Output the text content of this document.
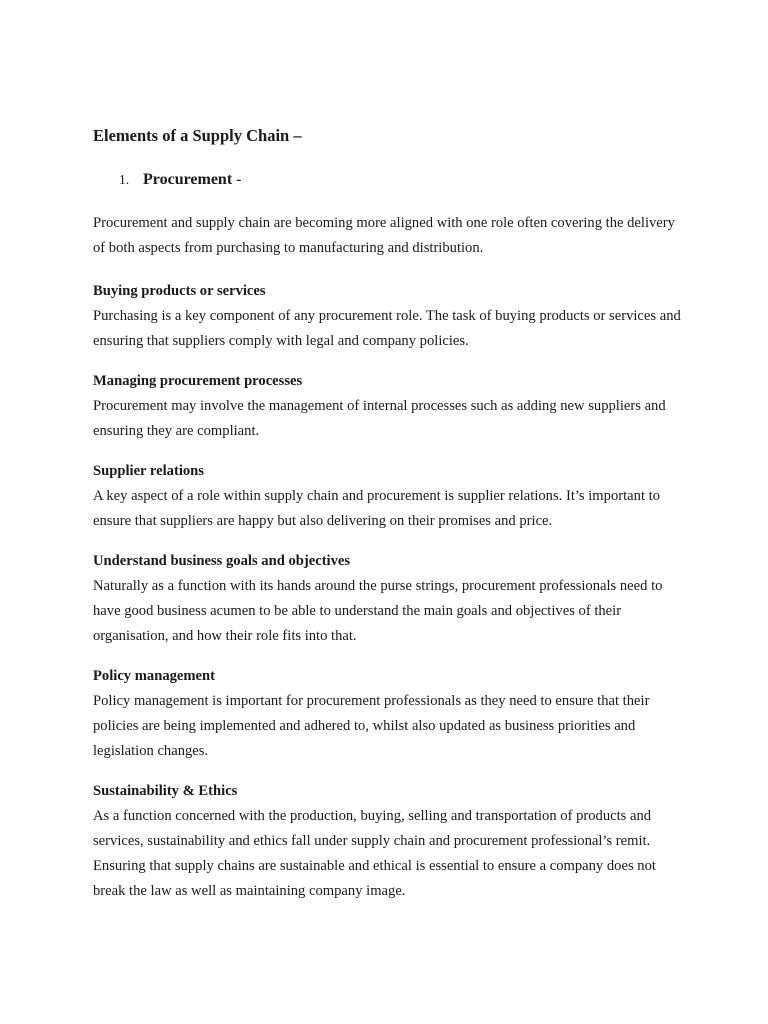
Elements of a Supply Chain –
1. Procurement -

Procurement and supply chain are becoming more aligned with one role often covering the delivery of both aspects from purchasing to manufacturing and distribution.

Buying products or services

Purchasing is a key component of any procurement role. The task of buying products or services and ensuring that suppliers comply with legal and company policies.

Managing procurement processes

Procurement may involve the management of internal processes such as adding new suppliers and ensuring they are compliant.

Supplier relations

A key aspect of a role within supply chain and procurement is supplier relations. It’s important to ensure that suppliers are happy but also delivering on their promises and price.

Understand business goals and objectives

Naturally as a function with its hands around the purse strings, procurement professionals need to have good business acumen to be able to understand the main goals and objectives of their organisation, and how their role fits into that.

Policy management

Policy management is important for procurement professionals as they need to ensure that their policies are being implemented and adhered to, whilst also updated as business priorities and legislation changes.

Sustainability & Ethics

As a function concerned with the production, buying, selling and transportation of products and services, sustainability and ethics fall under supply chain and procurement professional’s remit. Ensuring that supply chains are sustainable and ethical is essential to ensure a company does not break the law as well as maintaining company image.
